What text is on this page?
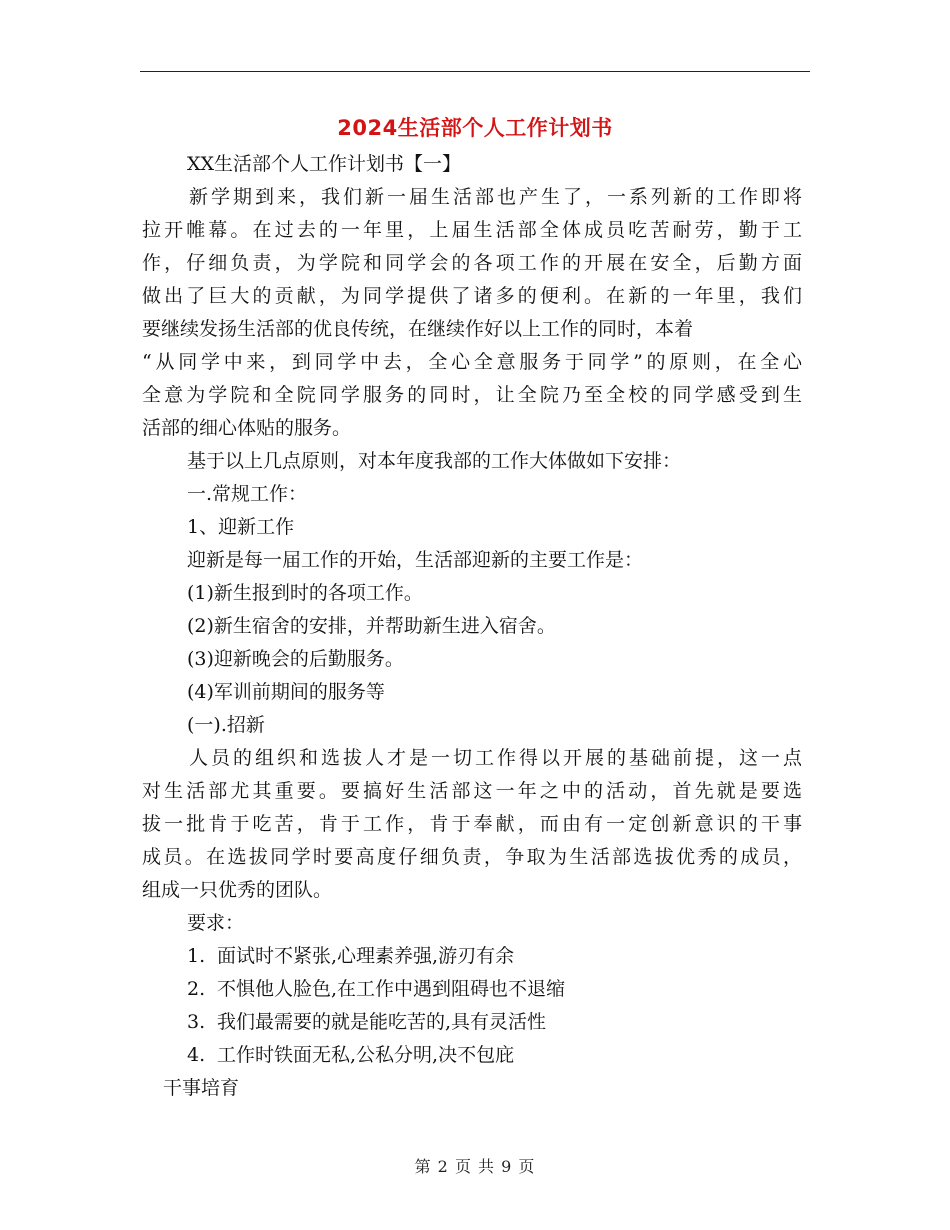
2024生活部个人工作计划书
XX生活部个人工作计划书【一】
新学期到来，我们新一届生活部也产生了，一系列新的工作即将
拉开帷幕。在过去的一年里，上届生活部全体成员吃苦耐劳，勤于工
作，仔细负责，为学院和同学会的各项工作的开展在安全，后勤方面
做出了巨大的贡献，为同学提供了诸多的便利。在新的一年里，我们
要继续发扬生活部的优良传统，在继续作好以上工作的同时，本着
“从同学中来，到同学中去，全心全意服务于同学”的原则，在全心
全意为学院和全院同学服务的同时，让全院乃至全校的同学感受到生
活部的细心体贴的服务。
基于以上几点原则，对本年度我部的工作大体做如下安排：
一.常规工作：
1、迎新工作
迎新是每一届工作的开始，生活部迎新的主要工作是：
(1)新生报到时的各项工作。
(2)新生宿舍的安排，并帮助新生进入宿舍。
(3)迎新晚会的后勤服务。
(4)军训前期间的服务等
(一).招新
人员的组织和选拔人才是一切工作得以开展的基础前提，这一点
对生活部尤其重要。要搞好生活部这一年之中的活动，首先就是要选
拔一批肯于吃苦，肯于工作，肯于奉献，而由有一定创新意识的干事
成员。在选拔同学时要高度仔细负责，争取为生活部选拔优秀的成员，
组成一只优秀的团队。
要求：
1. 面试时不紧张,心理素养强,游刃有余
2. 不惧他人脸色,在工作中遇到阻碍也不退缩
3. 我们最需要的就是能吃苦的,具有灵活性
4. 工作时铁面无私,公私分明,决不包庇
干事培育
第 2 页 共 9 页
